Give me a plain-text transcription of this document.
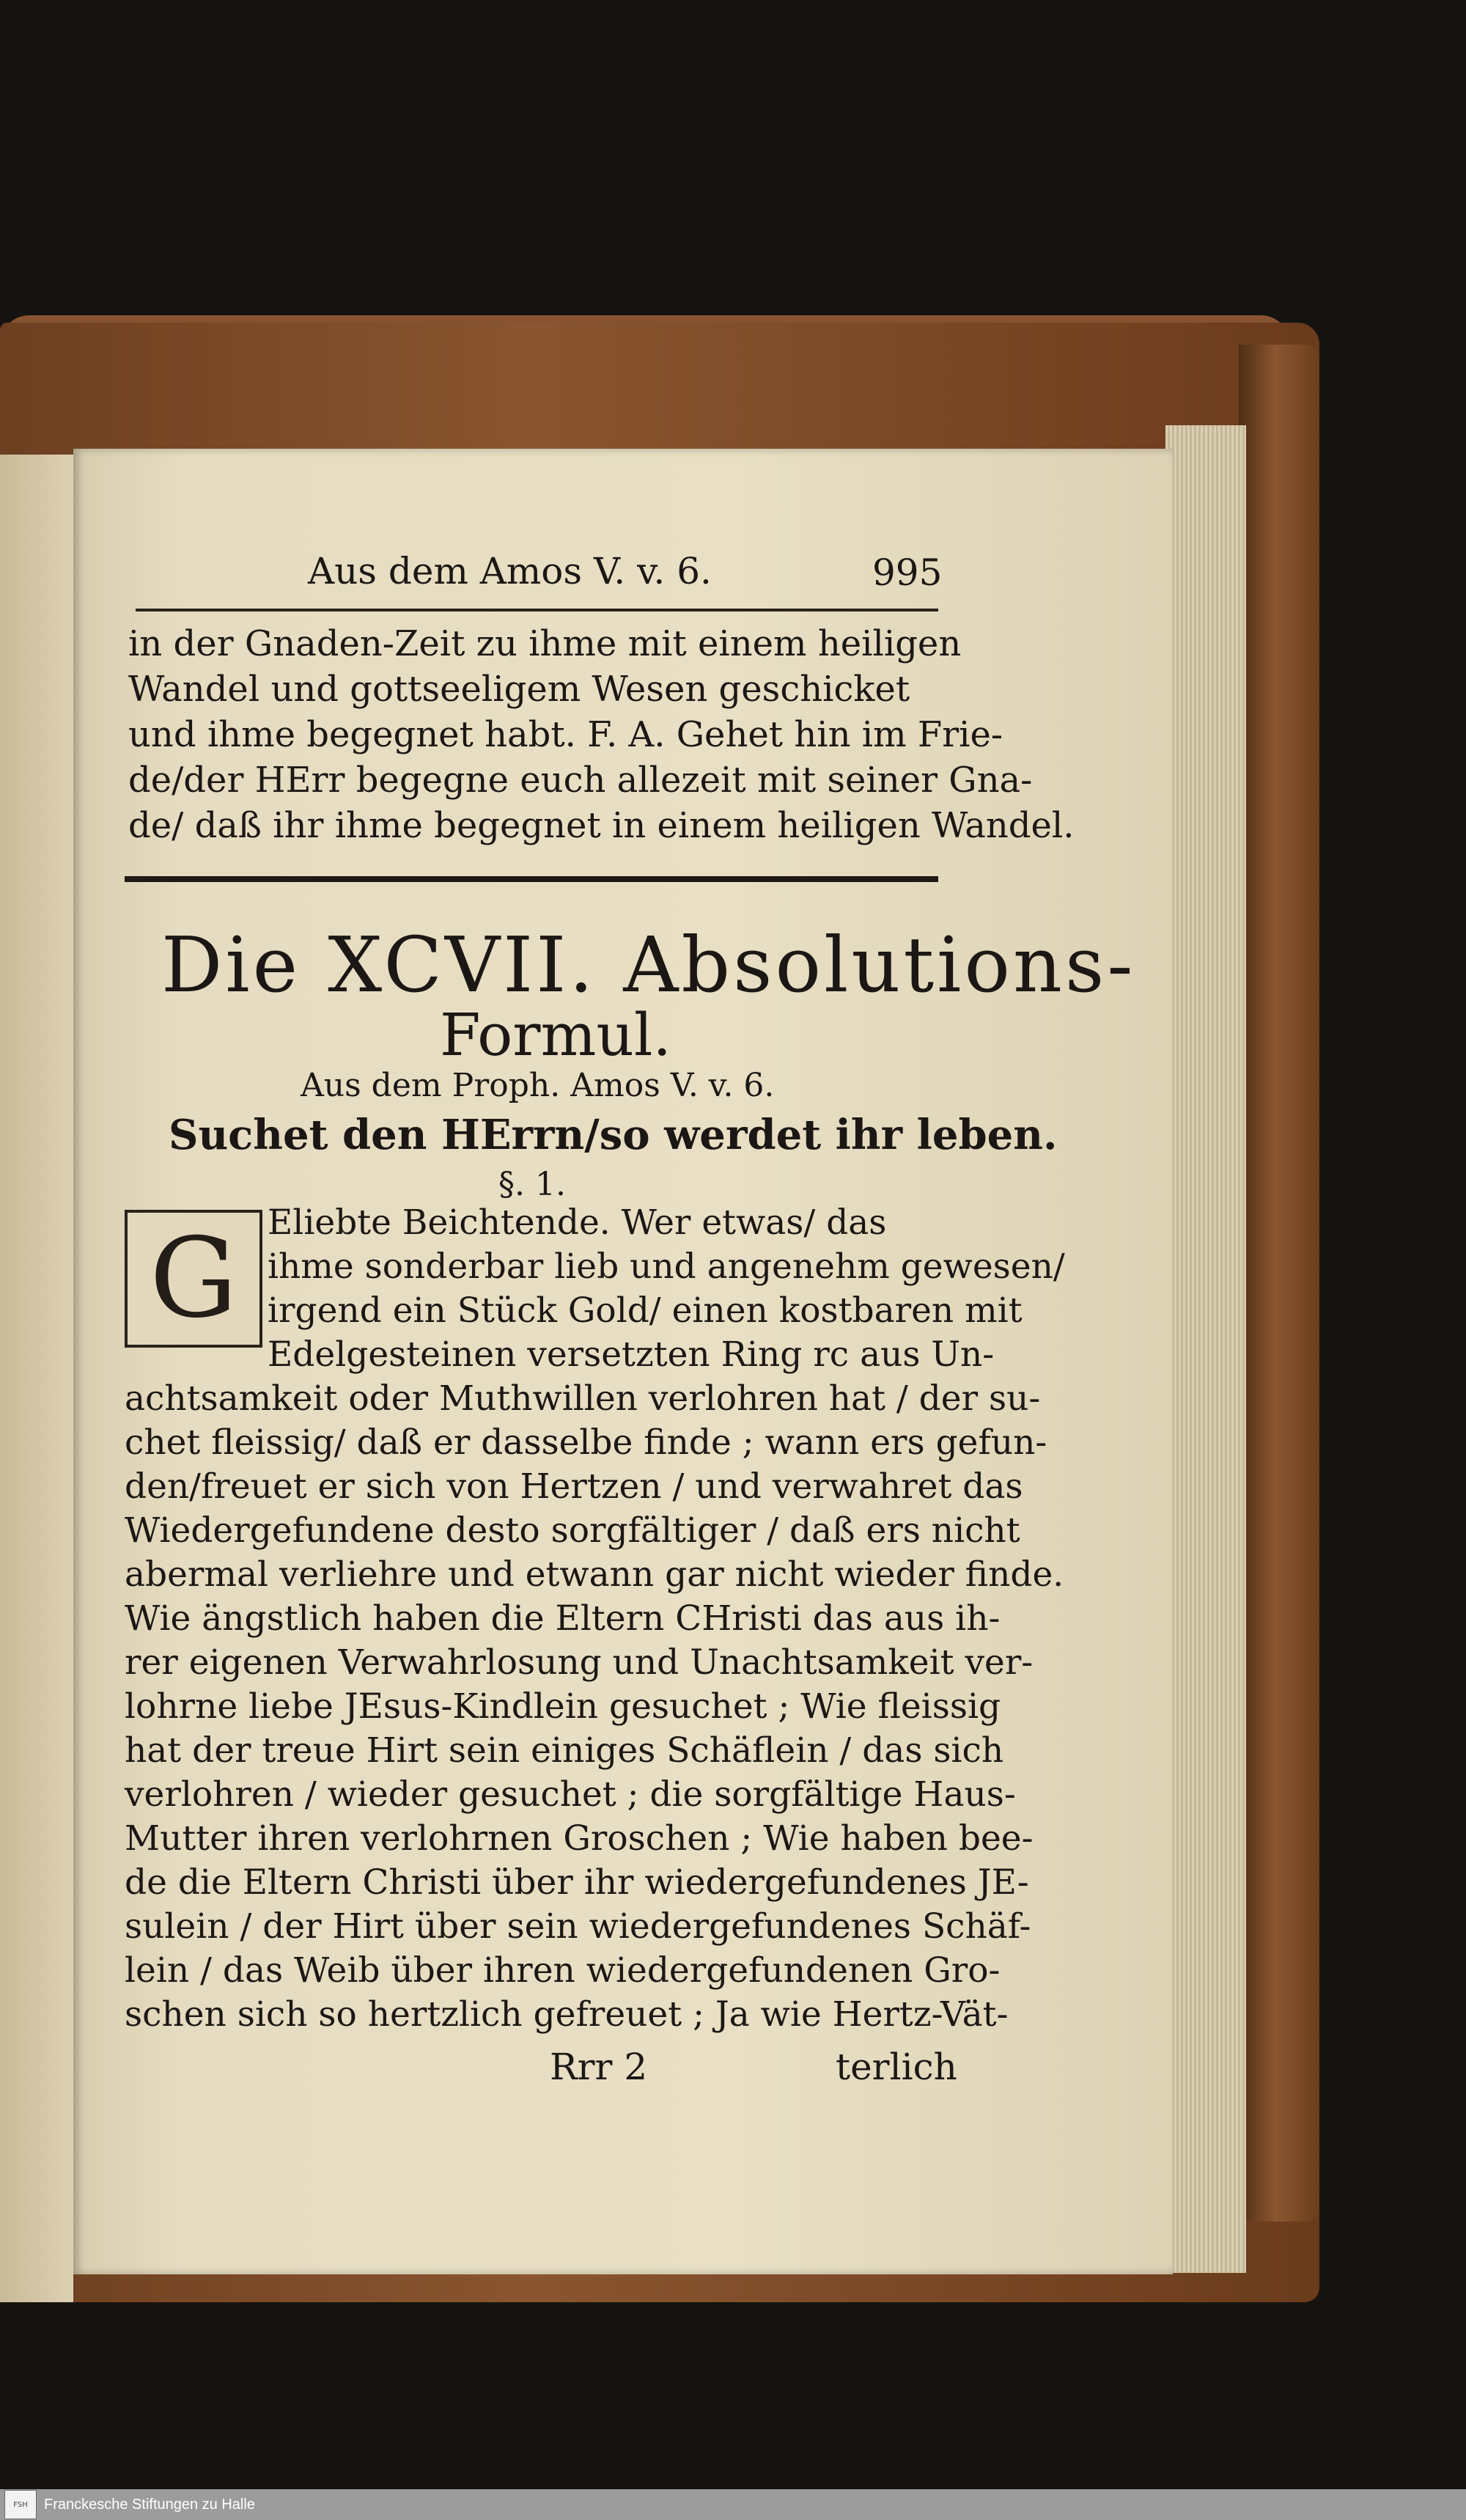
Aus dem Amos V. v. 6.	995
in der Gnaden-Zeit zu ihme mit einem heiligen
Wandel und gottseeligem Wesen geschicket
und ihme begegnet habt. F. A. Gehet hin im Frie-
de/der HErr begegne euch allezeit mit seiner Gna-
de/ daß ihr ihme begegnet in einem heiligen Wandel.
Die XCVII. Absolutions-
Formul.
Aus dem Proph. Amos V. v. 6.
Suchet den HErrn/so werdet ihr leben.
§. 1.
G Eliebte Beichtende. Wer etwas/ das
ihme sonderbar lieb und angenehm gewesen/
irgend ein Stück Gold/ einen kostbaren mit
Edelgesteinen versetzten Ring rc aus Un-
achtsamkeit oder Muthwillen verlohren hat / der su-
chet fleissig/ daß er dasselbe finde ; wann ers gefun-
den/freuet er sich von Hertzen / und verwahret das
Wiedergefundene desto sorgfältiger / daß ers nicht
abermal verliehre und etwann gar nicht wieder finde.
Wie ängstlich haben die Eltern CHristi das aus ih-
rer eigenen Verwahrlosung und Unachtsamkeit ver-
lohrne liebe JEsus-Kindlein gesuchet ; Wie fleissig
hat der treue Hirt sein einiges Schäflein / das sich
verlohren / wieder gesuchet ; die sorgfältige Haus-
Mutter ihren verlohrnen Groschen ; Wie haben bee-
de die Eltern Christi über ihr wiedergefundenes JE-
sulein / der Hirt über sein wiedergefundenes Schäf-
lein / das Weib über ihren wiedergefundenen Gro-
schen sich so hertzlich gefreuet ; Ja wie Hertz-Vät-
Rrr 2	terlich
FSH	Franckesche Stiftungen zu Halle
